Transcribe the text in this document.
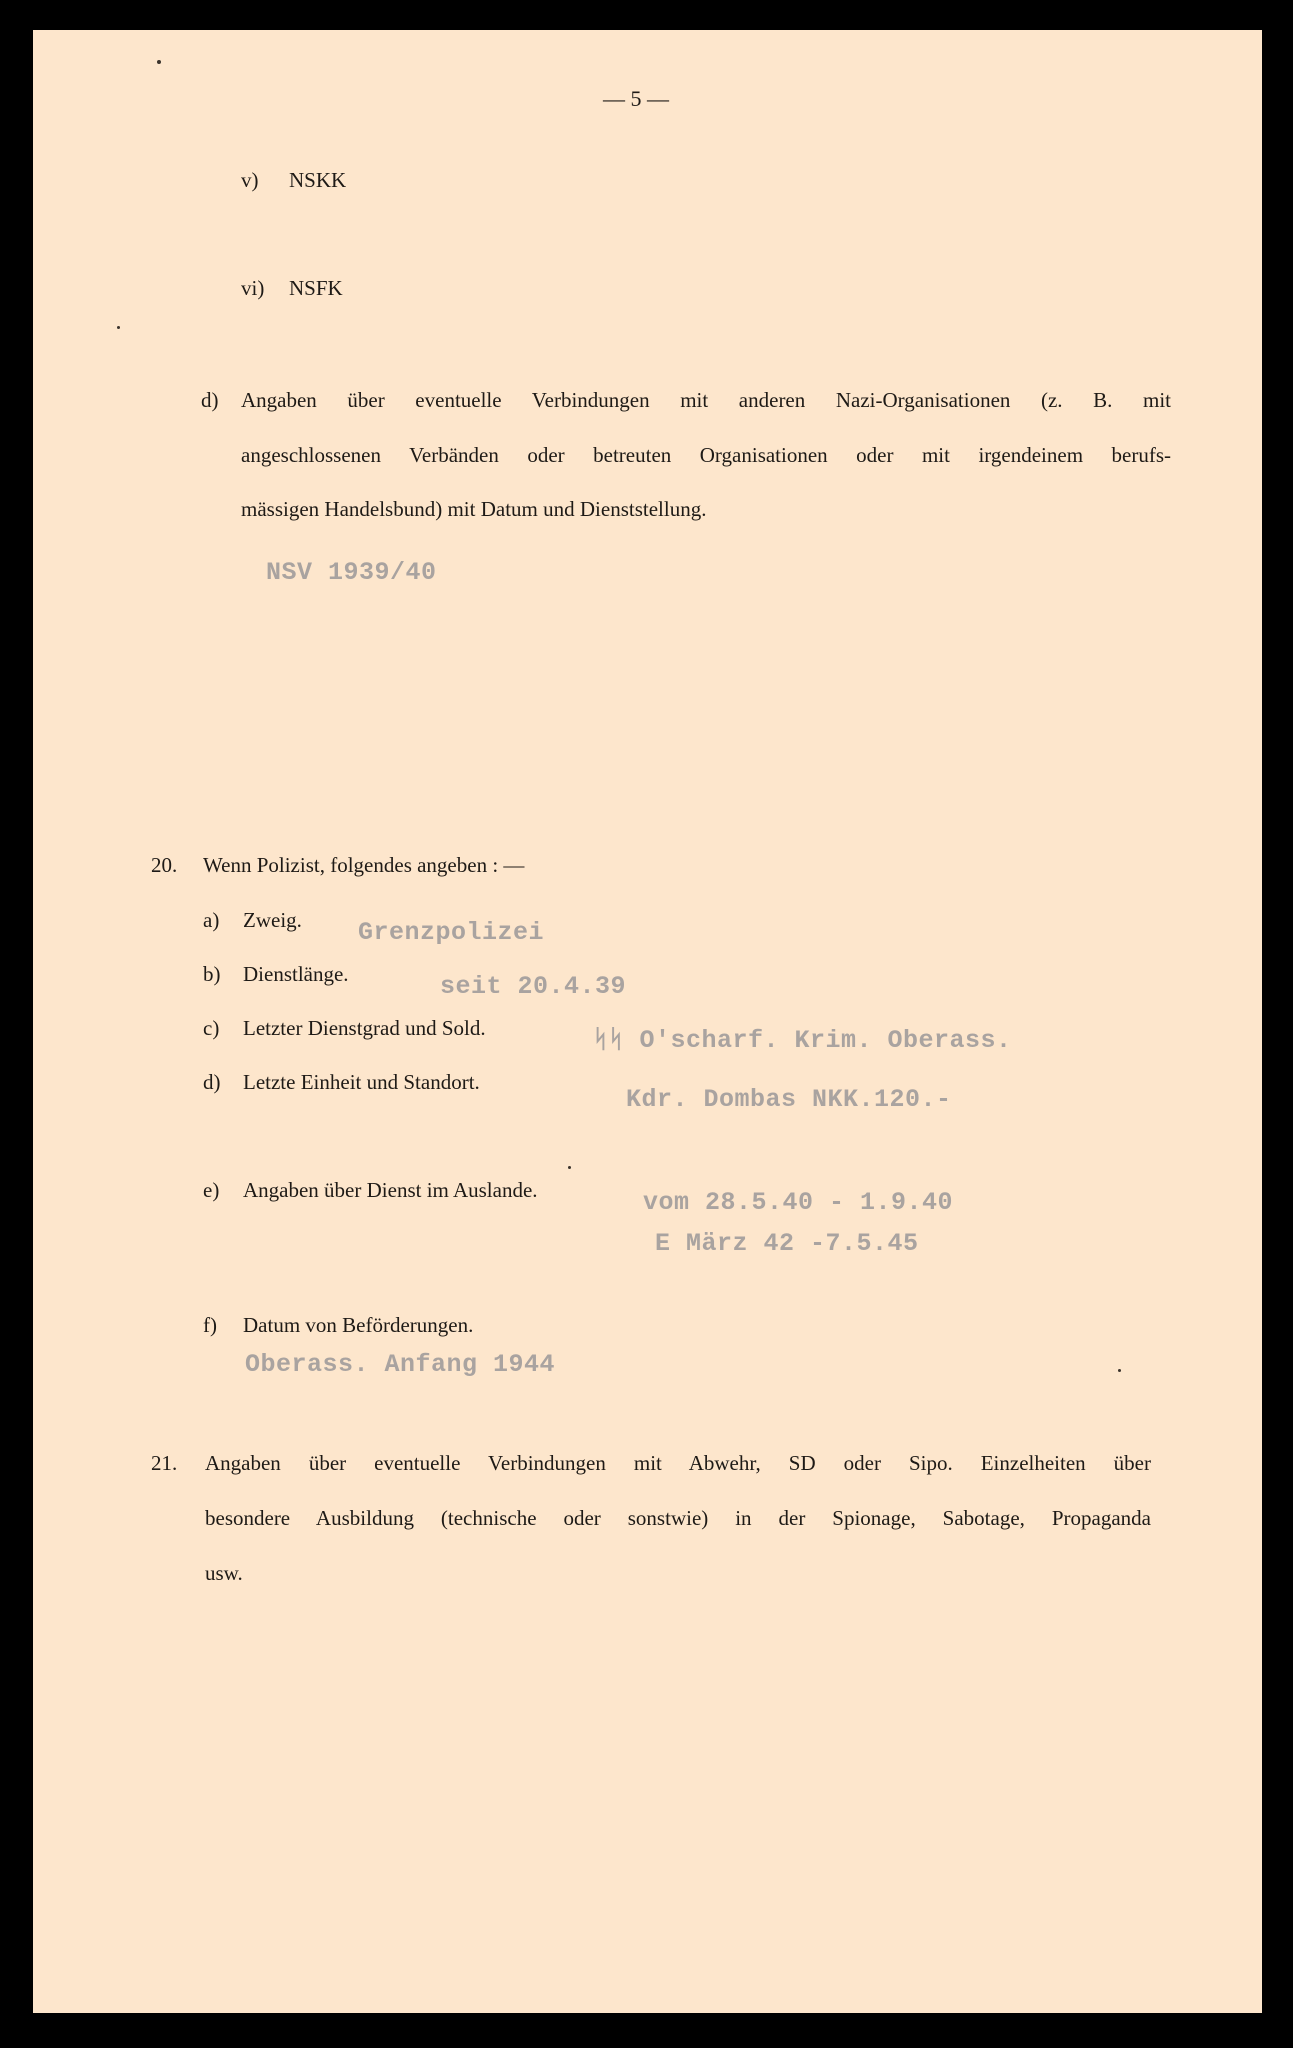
— 5 —
v) NSKK
vi) NSFK
d) Angaben über eventuelle Verbindungen mit anderen Nazi-Organisationen (z. B. mit
angeschlossenen Verbänden oder betreuten Organisationen oder mit irgendeinem berufs-
mässigen Handelsbund) mit Datum und Dienststellung.
NSV 1939/40
20. Wenn Polizist, folgendes angeben : —
a) Zweig. Grenzpolizei
b) Dienstlänge.	seit 20.4.39
c) Letzter Dienstgrad und Sold.	ᛋᛋ O'scharf. Krim. Oberass.
d) Letzte Einheit und Standort.
Kdr. Dombas NKK.120.-
e) Angaben über Dienst im Auslande.	vom 28.5.40 - 1.9.40
E März 42 -7.5.45
f) Datum von Beförderungen.
Oberass. Anfang 1944
21. Angaben über eventuelle Verbindungen mit Abwehr, SD oder Sipo. Einzelheiten über
besondere Ausbildung (technische oder sonstwie) in der Spionage, Sabotage, Propaganda
usw.
